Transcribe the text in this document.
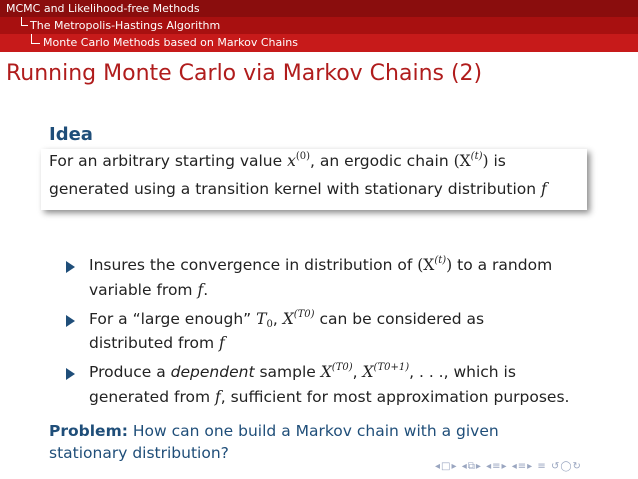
MCMC and Likelihood-free Methods
The Metropolis-Hastings Algorithm
Monte Carlo Methods based on Markov Chains
Running Monte Carlo via Markov Chains (2)
Idea
For an arbitrary starting value $x^{(0)}$, an ergodic chain $(X^{(t)})$ is
generated using a transition kernel with stationary distribution f
Insures the convergence in distribution of $(X^{(t)})$ to a random
variable from f.
For a “large enough” T0, $X^{(T0)}$ can be considered as
distributed from f
Produce a dependent sample $X^{(T0)}$, $X^{(T0+1)}$, . . ., which is
generated from f, sufficient for most approximation purposes.
Problem: How can one build a Markov chain with a given
stationary distribution?
◂□▸ ◂⧉▸ ◂≡▸ ◂≡▸ ≡ ↺◯↻
